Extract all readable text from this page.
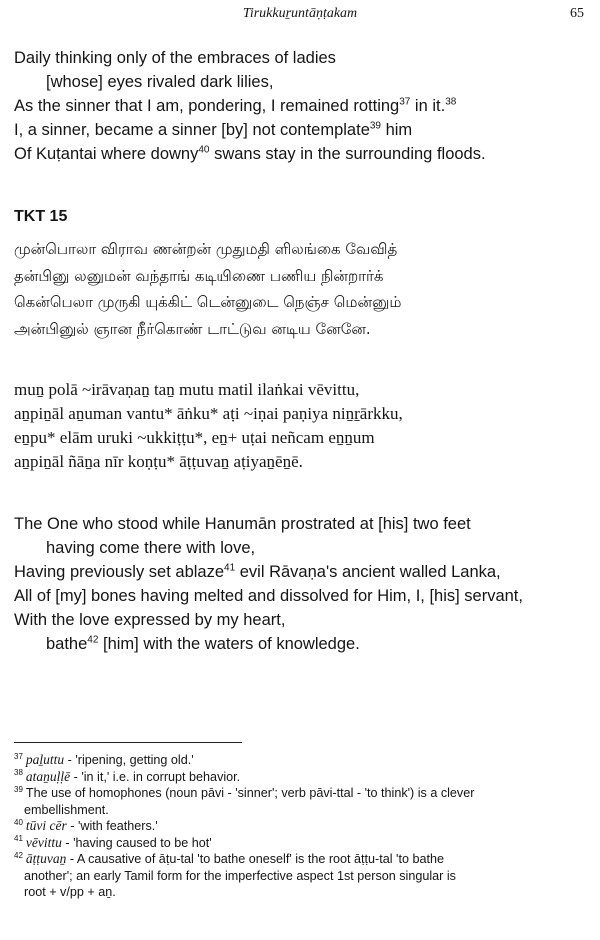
Tirukkuṟuntāṇṭakam	65
Daily thinking only of the embraces of ladies
[whose] eyes rivaled dark lilies,
As the sinner that I am, pondering, I remained rotting$^{37}$ in it.$^{38}$
I, a sinner, became a sinner [by] not contemplate$^{39}$ him
Of Kuṭantai where downy$^{40}$ swans stay in the surrounding floods.
TKT 15
முன்பொலா விராவ ணன்றன் முதுமதி ளிலங்கை வேவித்
தன்பினு லனுமன் வந்தாங் கடியிணை பணிய நின்றார்க்
கென்பெலா முருகி யுக்கிட் டென்னுடை நெஞ்ச மென்னும்
அன்பினுல் ஞான நீர்கொண் டாட்டுவ னடிய னேனே.
muṉ polā ~irāvaṇaṉ taṉ mutu matil ilaṅkai vēvittu,
aṉpiṉāl aṉuman vantu* āṅku* aṭi ~iṇai paṇiya niṉṟārkku,
eṉpu* elām uruki ~ukkiṭṭu*, eṉ+ uṭai neñcam eṉṉum
aṉpiṉāl ñāṉa nīr koṇṭu* āṭṭuvaṉ aṭiyaṉēṉē.
The One who stood while Hanumān prostrated at [his] two feet
having come there with love,
Having previously set ablaze$^{41}$ evil Rāvaṇa's ancient walled Lanka,
All of [my] bones having melted and dissolved for Him, I, [his] servant,
With the love expressed by my heart,
bathe$^{42}$ [him] with the waters of knowledge.
$^{37}$ paḻuttu - 'ripening, getting old.'
$^{38}$ ataṉuḷḷē - 'in it,' i.e. in corrupt behavior.
$^{39}$ The use of homophones (noun pāvi - 'sinner'; verb pāvi-ttal - 'to think') is a clever
embellishment.
$^{40}$ tūvi cēr - 'with feathers.'
$^{41}$ vēvittu - 'having caused to be hot'
$^{42}$ āṭṭuvaṉ - A causative of āṭu-tal 'to bathe oneself' is the root āṭṭu-tal 'to bathe
another'; an early Tamil form for the imperfective aspect 1st person singular is
root + v/pp + aṉ.
